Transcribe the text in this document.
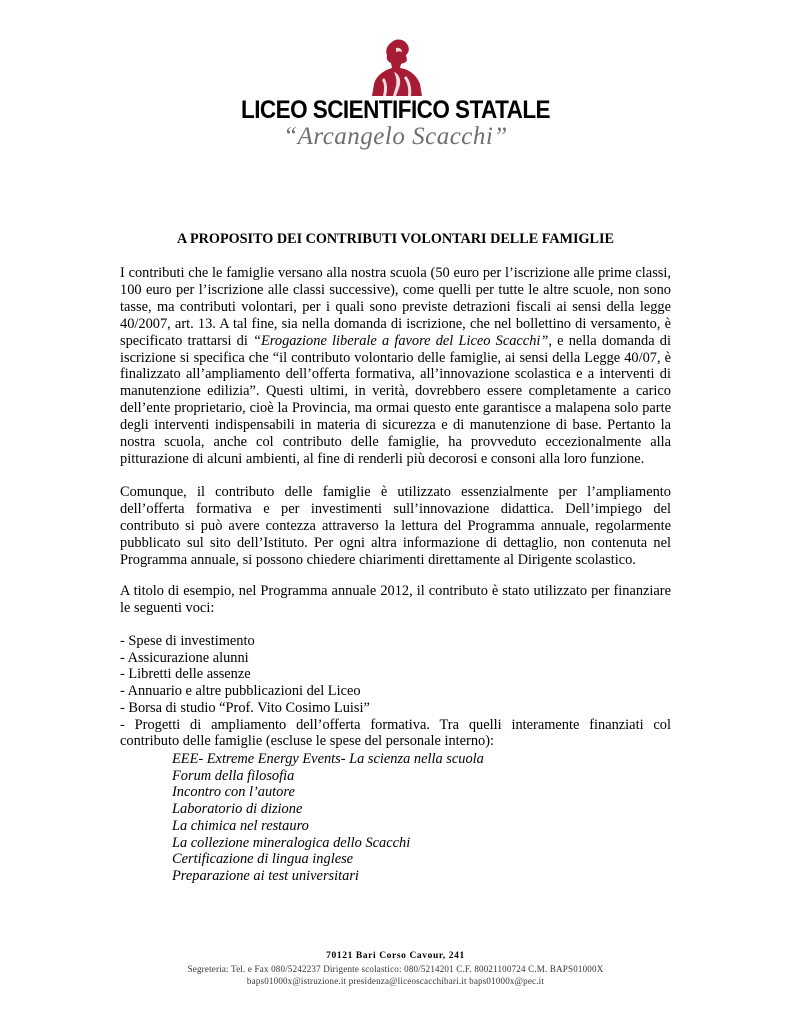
LICEO SCIENTIFICO STATALE
“Arcangelo Scacchi”
A PROPOSITO DEI CONTRIBUTI VOLONTARI DELLE FAMIGLIE
I contributi che le famiglie versano alla nostra scuola (50 euro per l’iscrizione alle prime classi, 100 euro per l’iscrizione alle classi successive), come quelli per tutte le altre scuole, non sono tasse, ma contributi volontari, per i quali sono previste detrazioni fiscali ai sensi della legge 40/2007, art. 13. A tal fine, sia nella domanda di iscrizione, che nel bollettino di versamento, è specificato trattarsi di “Erogazione liberale a favore del Liceo Scacchi”, e nella domanda di iscrizione si specifica che “il contributo volontario delle famiglie, ai sensi della Legge 40/07, è finalizzato all’ampliamento dell’offerta formativa, all’innovazione scolastica e a interventi di manutenzione edilizia”. Questi ultimi, in verità, dovrebbero essere completamente a carico dell’ente proprietario, cioè la Provincia, ma ormai questo ente garantisce a malapena solo parte degli interventi indispensabili in materia di sicurezza e di manutenzione di base. Pertanto la nostra scuola, anche col contributo delle famiglie, ha provveduto eccezionalmente alla pitturazione di alcuni ambienti, al fine di renderli più decorosi e consoni alla loro funzione.
Comunque, il contributo delle famiglie è utilizzato essenzialmente per l’ampliamento dell’offerta formativa e per investimenti sull’innovazione didattica. Dell’impiego del contributo si può avere contezza attraverso la lettura del Programma annuale, regolarmente pubblicato sul sito dell’Istituto. Per ogni altra informazione di dettaglio, non contenuta nel Programma annuale, si possono chiedere chiarimenti direttamente al Dirigente scolastico.
A titolo di esempio, nel Programma annuale 2012, il contributo è stato utilizzato per finanziare le seguenti voci:
- Spese di investimento
- Assicurazione alunni
- Libretti delle assenze
- Annuario e altre pubblicazioni del Liceo
- Borsa di studio “Prof. Vito Cosimo Luisi”
- Progetti di ampliamento dell’offerta formativa. Tra quelli interamente finanziati col contributo delle famiglie (escluse le spese del personale interno):
EEE- Extreme Energy Events- La scienza nella scuola
Forum della filosofia
Incontro con l’autore
Laboratorio di dizione
La chimica nel restauro
La collezione mineralogica dello Scacchi
Certificazione di lingua inglese
Preparazione ai test universitari
70121 Bari Corso Cavour, 241
Segreteria: Tel. e Fax 080/5242237 Dirigente scolastico: 080/5214201 C.F. 80021100724 C.M. BAPS01000X
baps01000x@istruzione.it presidenza@liceoscacchibari.it baps01000x@pec.it
